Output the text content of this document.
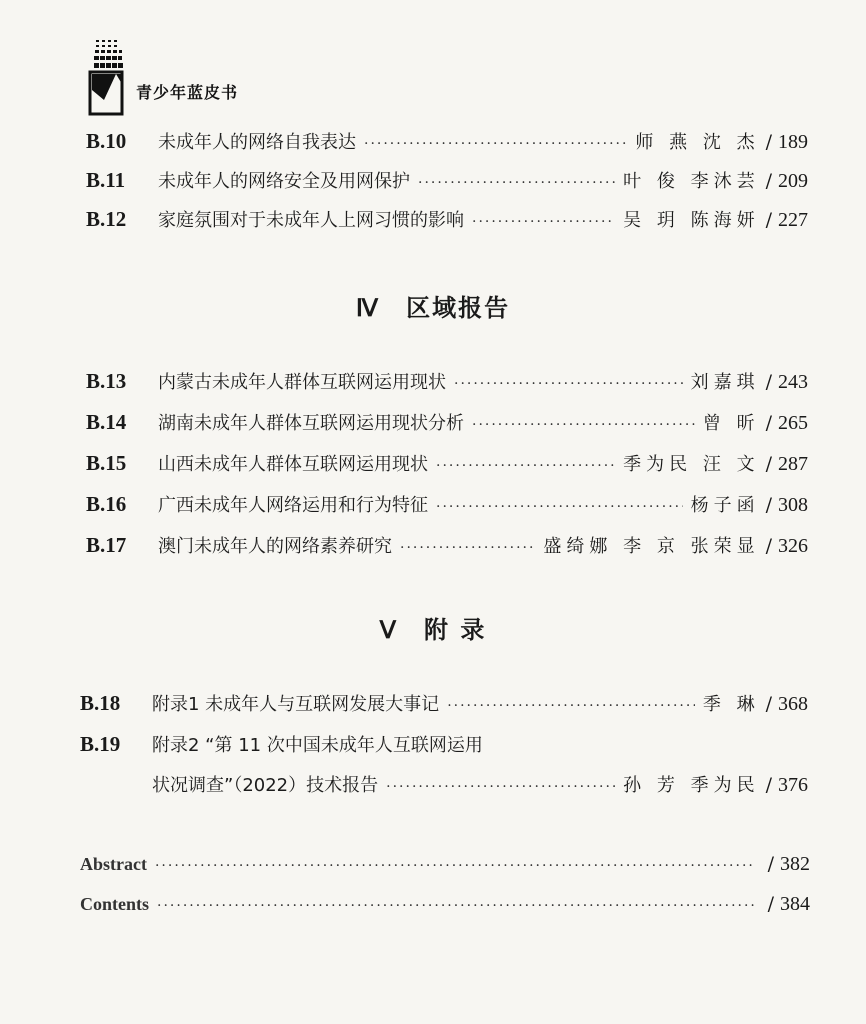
青少年蓝皮书
B.10	未成年人的网络自我表达 ·····	师 燕 沈 杰 / 189
B.11	未成年人的网络安全及用网保护 ·····	叶 俊 李沐芸 / 209
B.12	家庭氛围对于未成年人上网习惯的影响 ·····	吴 玥 陈海妍 / 227
Ⅳ 区域报告
B.13	内蒙古未成年人群体互联网运用现状 ·····	刘嘉琪 / 243
B.14	湖南未成年人群体互联网运用现状分析 ·····	曾 昕 / 265
B.15	山西未成年人群体互联网运用现状 ·····	季为民 汪 文 / 287
B.16	广西未成年人网络运用和行为特征 ·····	杨子函 / 308
B.17	澳门未成年人的网络素养研究 ·····	盛绮娜 李 京 张荣显 / 326
Ⅴ 附 录
B.18	附录1 未成年人与互联网发展大事记 ·····	季 琳 / 368
B.19	附录2 “第 11 次中国未成年人互联网运用
状况调查”（2022）技术报告 ·····	孙 芳 季为民 / 376
Abstract ·····	/ 382
Contents ·····	/ 384
